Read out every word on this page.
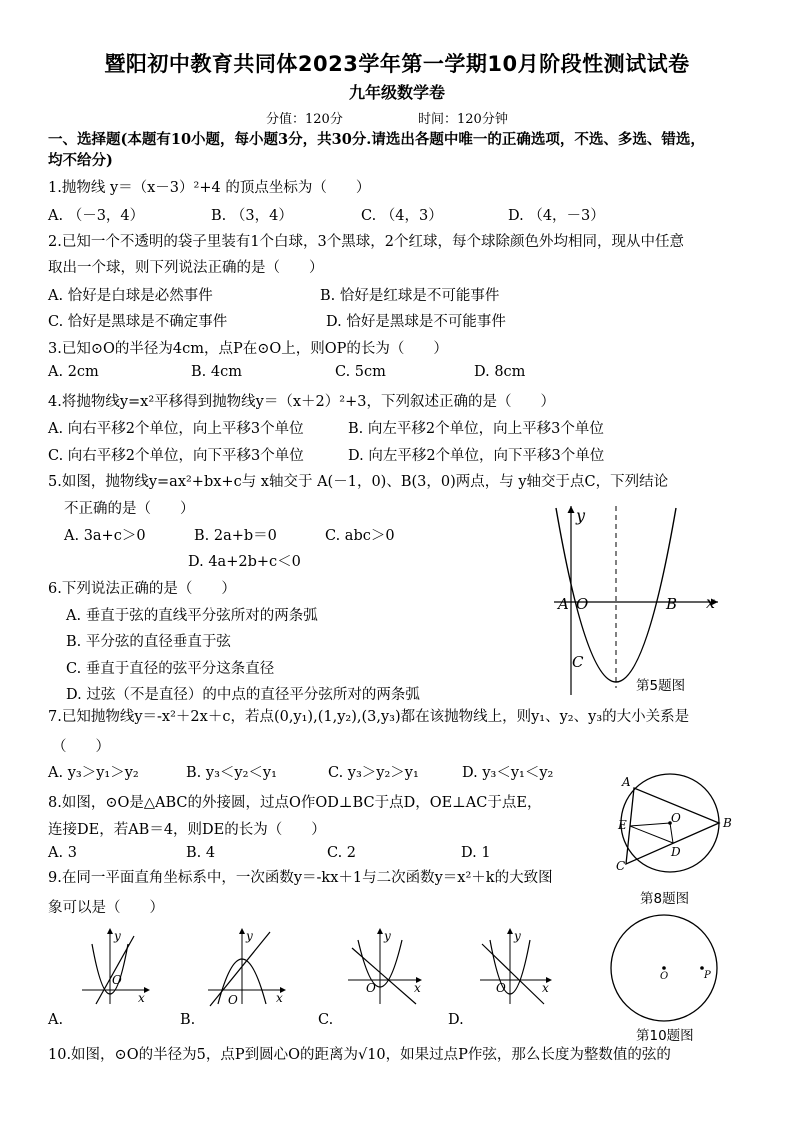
暨阳初中教育共同体2023学年第一学期10月阶段性测试试卷
九年级数学卷
分值：120分	时间：120分钟
一、选择题(本题有10小题，每小题3分，共30分.请选出各题中唯一的正确选项，不选、多选、错选，
均不给分)
1.抛物线 y＝（x－3）²+4 的顶点坐标为（　　）
A. （－3，4）	B. （3，4）	C. （4，3）	D. （4，－3）
2.已知一个不透明的袋子里装有1个白球，3个黑球，2个红球，每个球除颜色外均相同，现从中任意
取出一个球，则下列说法正确的是（　　）
A. 恰好是白球是必然事件	B. 恰好是红球是不可能事件
C. 恰好是黑球是不确定事件	D. 恰好是黑球是不可能事件
3.已知⊙O的半径为4cm，点P在⊙O上，则OP的长为（　　）
A. 2cm	B. 4cm	C. 5cm	D. 8cm
4.将抛物线y=x²平移得到抛物线y＝（x＋2）²+3，下列叙述正确的是（　　）
A. 向右平移2个单位，向上平移3个单位	B. 向左平移2个单位，向上平移3个单位
C. 向右平移2个单位，向下平移3个单位	D. 向左平移2个单位，向下平移3个单位
5.如图，抛物线y=ax²+bx+c与 x轴交于 A(－1，0)、B(3，0)两点，与 y轴交于点C，下列结论
不正确的是（　　）
A. 3a+c＞0	B. 2a+b＝0	C. abc＞0
D. 4a+2b+c＜0
y
x
A O	B
C
第5题图
6.下列说法正确的是（　　）
A. 垂直于弦的直线平分弦所对的两条弧
B. 平分弦的直径垂直于弦
C. 垂直于直径的弦平分这条直径
D. 过弦（不是直径）的中点的直径平分弦所对的两条弧
7.已知抛物线y＝-x²＋2x＋c，若点(0,y₁),(1,y₂),(3,y₃)都在该抛物线上，则y₁、y₂、y₃的大小关系是
（　　）
A. y₃＞y₁＞y₂	B. y₃＜y₂＜y₁	C. y₃＞y₂＞y₁	D. y₃＜y₁＜y₂
8.如图，⊙O是△ABC的外接圆，过点O作OD⊥BC于点D，OE⊥AC于点E，
连接DE，若AB＝4，则DE的长为（　　）
A. 3	B. 4	C. 2	D. 1
A
B
C
D
E	O
第8题图
9.在同一平面直角坐标系中，一次函数y＝-kx＋1与二次函数y＝x²＋k的大致图
象可以是（　　）
y
x
O
A.
y
x
O
B.
y
x
O
C.
y
x
O
D.
O	P
第10题图
10.如图，⊙O的半径为5，点P到圆心O的距离为√10，如果过点P作弦，那么长度为整数值的弦的
